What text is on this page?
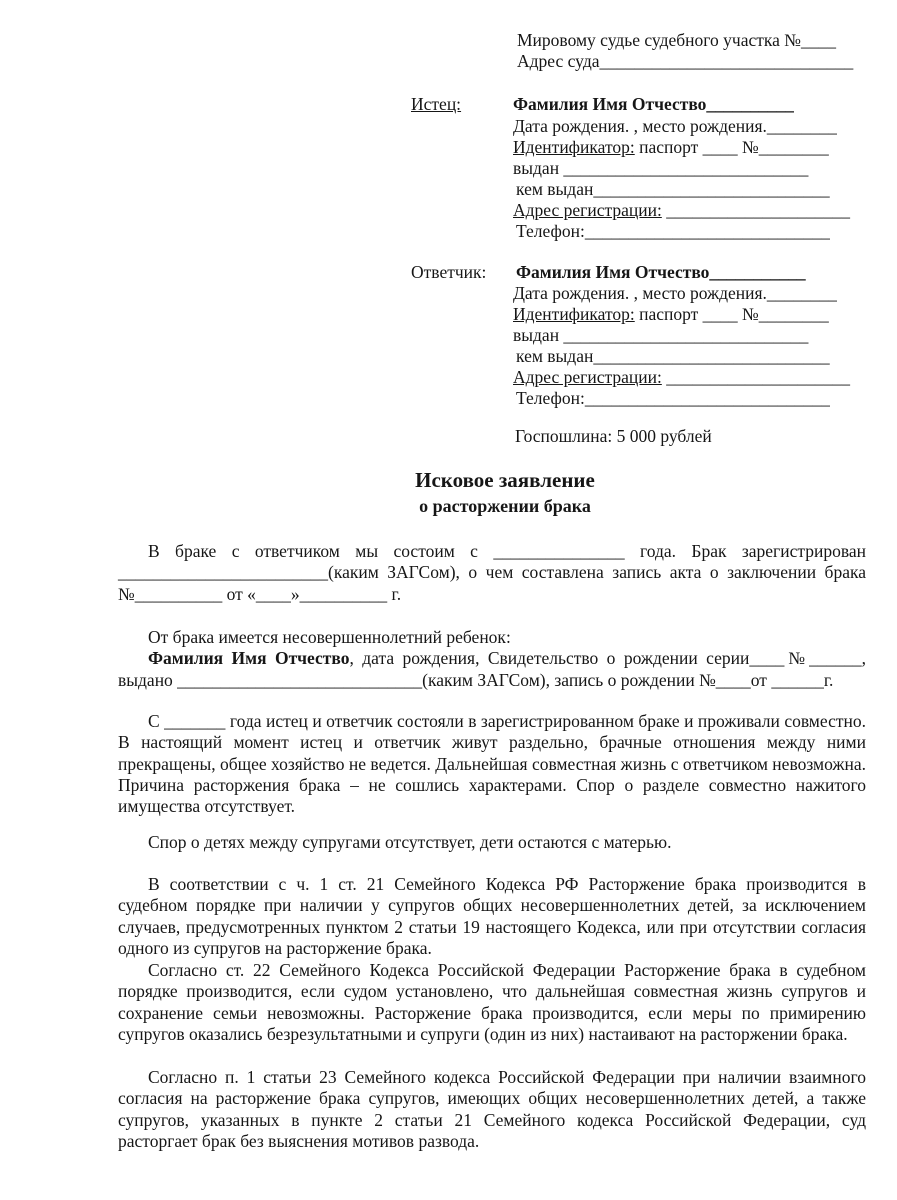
Мировому судье судебного участка №____
Адрес суда_____________________________
Истец:	Фамилия Имя Отчество__________
Дата рождения. , место рождения.________
Идентификатор: паспорт ____ №________
выдан ____________________________
кем выдан___________________________
Адрес регистрации: _____________________
Телефон:____________________________
Ответчик: Фамилия Имя Отчество___________
Дата рождения. , место рождения.________
Идентификатор: паспорт ____ №________
выдан ____________________________
кем выдан___________________________
Адрес регистрации: _____________________
Телефон:____________________________
Госпошлина: 5 000 рублей
Исковое заявление
о расторжении брака
В браке с ответчиком мы состоим с _______________ года. Брак зарегистрирован ________________________(каким ЗАГСом), о чем составлена запись акта о заключении брака №__________ от «____»__________ г.
От брака имеется несовершеннолетний ребенок:
Фамилия Имя Отчество, дата рождения, Свидетельство о рождении серии____№______, выдано ____________________________(каким ЗАГСом), запись о рождении №____от ______г.
С _______ года истец и ответчик состояли в зарегистрированном браке и проживали совместно. В настоящий момент истец и ответчик живут раздельно, брачные отношения между ними прекращены, общее хозяйство не ведется. Дальнейшая совместная жизнь с ответчиком невозможна. Причина расторжения брака – не сошлись характерами. Спор о разделе совместно нажитого имущества отсутствует.
Спор о детях между супругами отсутствует, дети остаются с матерью.
В соответствии с ч. 1 ст. 21 Семейного Кодекса РФ Расторжение брака производится в судебном порядке при наличии у супругов общих несовершеннолетних детей, за исключением случаев, предусмотренных пунктом 2 статьи 19 настоящего Кодекса, или при отсутствии согласия одного из супругов на расторжение брака.
Согласно ст. 22 Семейного Кодекса Российской Федерации Расторжение брака в судебном порядке производится, если судом установлено, что дальнейшая совместная жизнь супругов и сохранение семьи невозможны. Расторжение брака производится, если меры по примирению супругов оказались безрезультатными и супруги (один из них) настаивают на расторжении брака.
Согласно п. 1 статьи 23 Семейного кодекса Российской Федерации при наличии взаимного согласия на расторжение брака супругов, имеющих общих несовершеннолетних детей, а также супругов, указанных в пункте 2 статьи 21 Семейного кодекса Российской Федерации, суд расторгает брак без выяснения мотивов развода.
